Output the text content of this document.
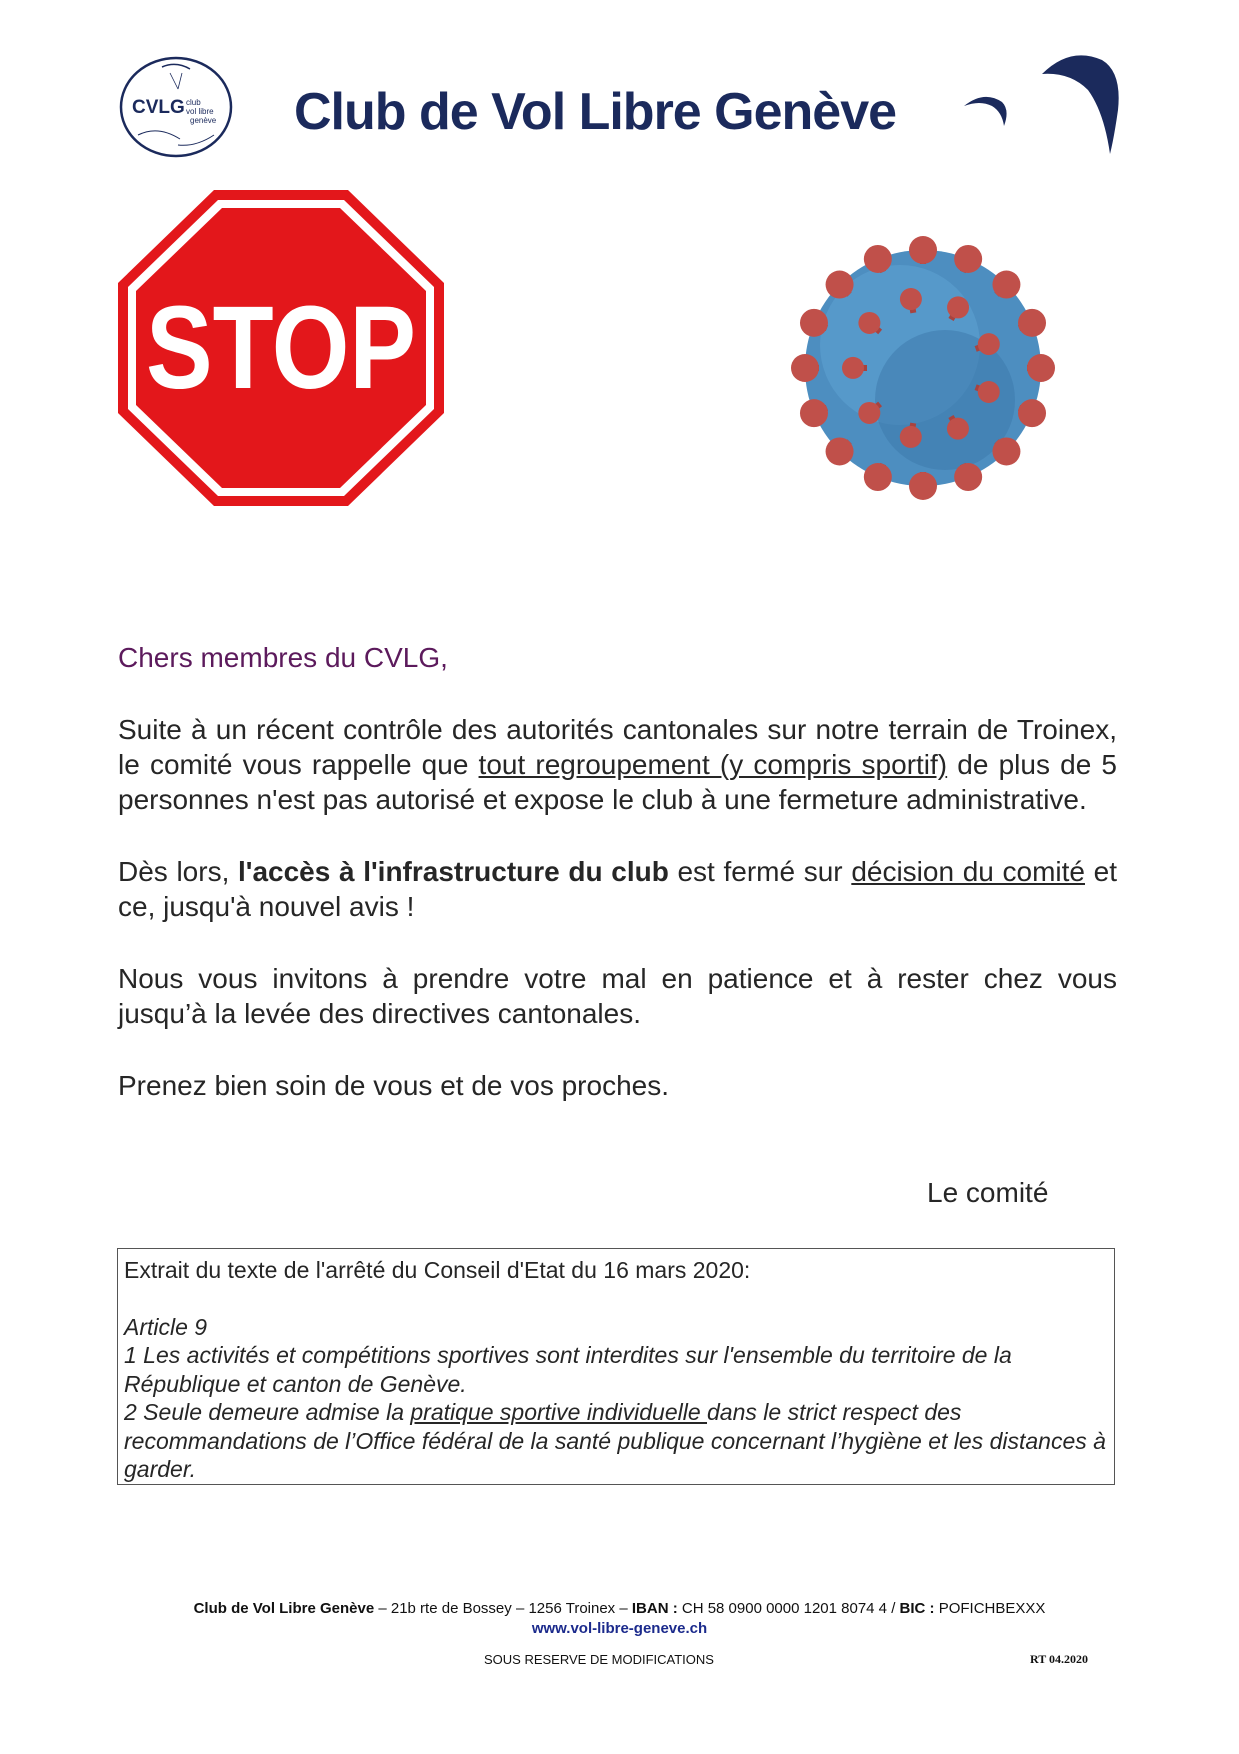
CVLG club
vol libre
genève Club de Vol Libre Genève
STOP

Chers membres du CVLG,

Suite à un récent contrôle des autorités cantonales sur notre terrain de Troinex, le comité vous rappelle que tout regroupement (y compris sportif) de plus de 5 personnes n'est pas autorisé et expose le club à une fermeture administrative.

Dès lors, l'accès à l'infrastructure du club est fermé sur décision du comité et ce, jusqu'à nouvel avis !

Nous vous invitons à prendre votre mal en patience et à rester chez vous jusqu’à la levée des directives cantonales.

Prenez bien soin de vous et de vos proches.

Le comité

Extrait du texte de l'arrêté du Conseil d'Etat du 16 mars 2020:

Article 9

1 Les activités et compétitions sportives sont interdites sur l'ensemble du territoire de la République et canton de Genève.

2 Seule demeure admise la pratique sportive individuelle dans le strict respect des recommandations de l’Office fédéral de la santé publique concernant l’hygiène et les distances à garder.

Club de Vol Libre Genève – 21b rte de Bossey – 1256 Troinex – IBAN : CH 58 0900 0000 1201 8074 4 / BIC : POFICHBEXXX
www.vol-libre-geneve.ch
SOUS RESERVE DE MODIFICATIONS	RT 04.2020
